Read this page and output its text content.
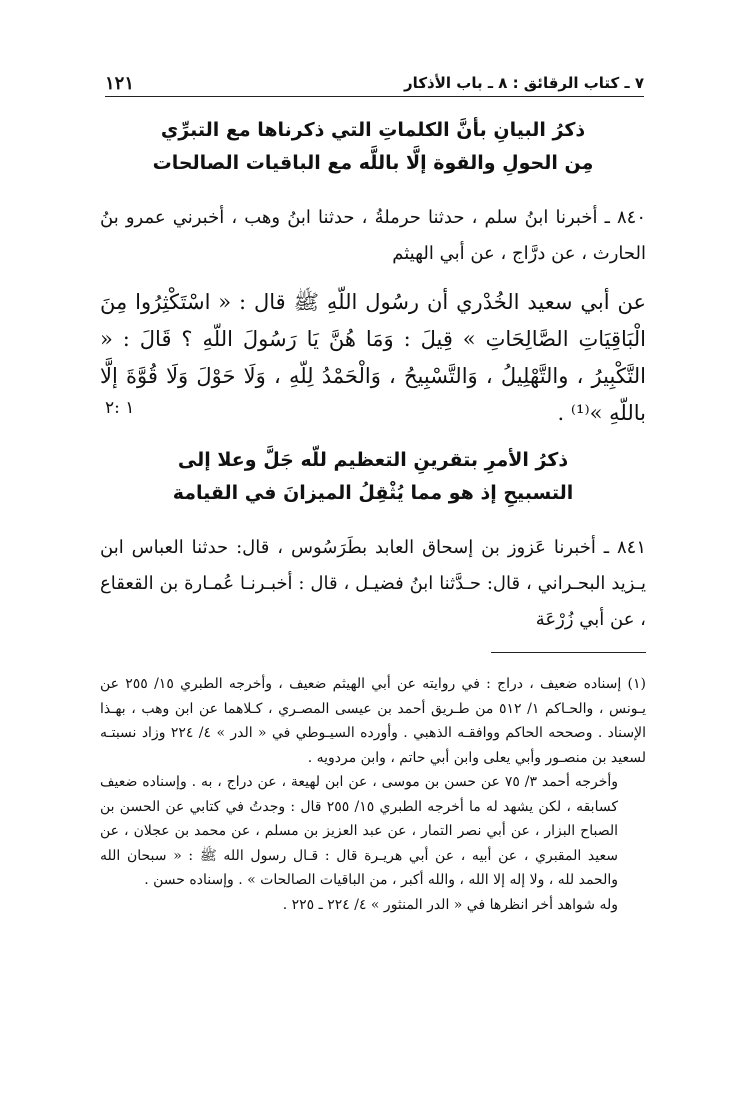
٧ ـ كتاب الرقائق : ٨ ـ باب الأذكار
١٢١
ذكرُ البيانِ بأنَّ الكلماتِ التي ذكرناها مع التبرِّي
مِن الحولِ والقوة إلَّا باللَّه مع الباقيات الصالحات
٨٤٠ ـ أخبرنا ابنُ سلم ، حدثنا حرملةُ ، حدثنا ابنُ وهب ، أخبرني عمرو بنُ الحارث ، عن درَّاج ، عن أبي الهيثم
عن أبي سعيد الخُدْري أن رسُول اللّهِ ﷺ قال : « اسْتَكْثِرُوا مِنَ الْبَاقِيَاتِ الصَّالِحَاتِ » قِيلَ : وَمَا هُنَّ يَا رَسُولَ اللّهِ ؟ قَالَ : « التَّكْبِيرُ ، والتَّهْلِيلُ ، وَالتَّسْبِيحُ ، وَالْحَمْدُ لِلّهِ ، وَلَا حَوْلَ وَلَا قُوَّةَ إلَّا باللّهِ »⁽¹⁾ .
١ :٢
ذكرُ الأمرِ بتقرينِ التعظيم للّه جَلَّ وعلا إلى
التسبيحِ إذ هو مما يُثْقِلُ الميزانَ في القيامة
٨٤١ ـ أخبرنا عَزوز بن إسحاق العابد بطَرَسُوس ، قال: حدثنا العباس ابن يـزيد البحـراني ، قال: حـدَّثنا ابنُ فضيـل ، قال : أخبـرنـا عُمـارة بن القعقاع ، عن أبي زُرْعَة

(١) إسناده ضعيف ، دراج : في روايته عن أبي الهيثم ضعيف ، وأخرجه الطبري ١٥/ ٢٥٥ عن يـونس ، والحـاكم ١/ ٥١٢ من طـريق أحمد بن عيسى المصـري ، كـلاهما عن ابن وهب ، بهـذا الإسناد . وصححه الحاكم ووافقـه الذهبي . وأورده السيـوطي في « الدر » ٤/ ٢٢٤ وزاد نسبتـه لسعيد بن منصـور وأبي يعلى وابن أبي حاتم ، وابن مردويه .

وأخرجه أحمد ٣/ ٧٥ عن حسن بن موسى ، عن ابن لهيعة ، عن دراج ، به . وإسناده ضعيف كسابقه ، لكن يشهد له ما أخرجه الطبري ١٥/ ٢٥٥ قال : وجدتُ في كتابي عن الحسن بن الصباح البزار ، عن أبي نصر التمار ، عن عبد العزيز بن مسلم ، عن محمد بن عجلان ، عن سعيد المقبري ، عن أبيه ، عن أبي هريـرة قال : قـال رسول الله ﷺ : « سبحان الله والحمد لله ، ولا إله إلا الله ، والله أكبر ، من الباقيات الصالحات » . وإسناده حسن .

وله شواهد أخر انظرها في « الدر المنثور » ٤/ ٢٢٤ ـ ٢٢٥ .
